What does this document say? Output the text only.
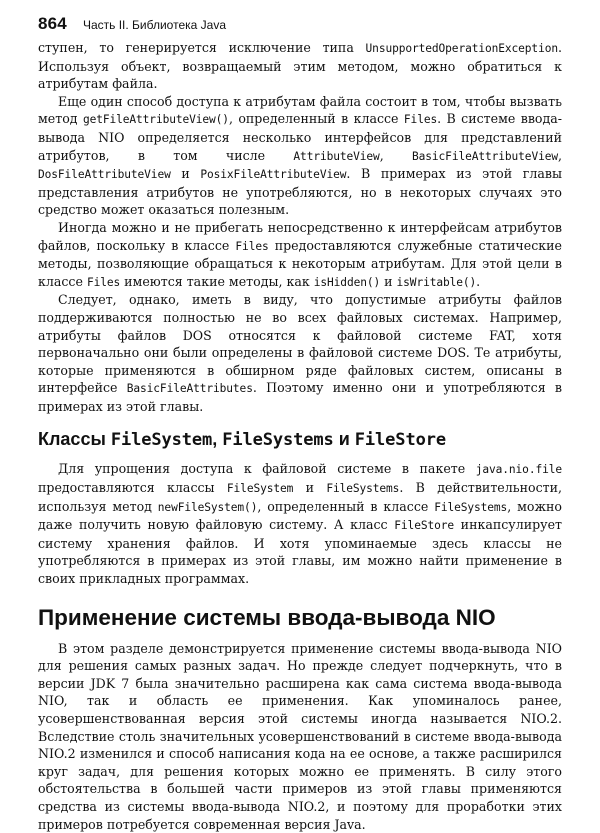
864 Часть II. Библиотека Java

ступен, то генерируется исключение типа UnsupportedOperationException. Используя объект, возвращаемый этим методом, можно обратиться к атрибутам файла.

Еще один способ доступа к атрибутам файла состоит в том, чтобы вызвать метод getFileAttributeView(), определенный в классе Files. В системе ввода-вывода NIO определяется несколько интерфейсов для представлений атрибутов, в том числе AttributeView, BasicFileAttributeView, DosFileAttributeView и PosixFileAttributeView. В примерах из этой главы представления атрибутов не употребляются, но в некоторых случаях это средство может оказаться полезным.

Иногда можно и не прибегать непосредственно к интерфейсам атрибутов файлов, поскольку в классе Files предоставляются служебные статические методы, позволяющие обращаться к некоторым атрибутам. Для этой цели в классе Files имеются такие методы, как isHidden() и isWritable().

Следует, однако, иметь в виду, что допустимые атрибуты файлов поддерживаются полностью не во всех файловых системах. Например, атрибуты файлов DOS относятся к файловой системе FAT, хотя первоначально они были определены в файловой системе DOS. Те атрибуты, которые применяются в обширном ряде файловых систем, описаны в интерфейсе BasicFileAttributes. Поэтому именно они и употребляются в примерах из этой главы.

Классы FileSystem, FileSystems и FileStore

Для упрощения доступа к файловой системе в пакете java.nio.file предоставляются классы FileSystem и FileSystems. В действительности, используя метод newFileSystem(), определенный в классе FileSystems, можно даже получить новую файловую систему. А класс FileStore инкапсулирует систему хранения файлов. И хотя упоминаемые здесь классы не употребляются в примерах из этой главы, им можно найти применение в своих прикладных программах.

Применение системы ввода-вывода NIO

В этом разделе демонстрируется применение системы ввода-вывода NIO для решения самых разных задач. Но прежде следует подчеркнуть, что в версии JDK 7 была значительно расширена как сама система ввода-вывода NIO, так и область ее применения. Как упоминалось ранее, усовершенствованная версия этой системы иногда называется NIO.2. Вследствие столь значительных усовершенствований в системе ввода-вывода NIO.2 изменился и способ написания кода на ее основе, а также расширился круг задач, для решения которых можно ее применять. В силу этого обстоятельства в большей части примеров из этой главы применяются средства из системы ввода-вывода NIO.2, и поэтому для проработки этих примеров потребуется современная версия Java.
